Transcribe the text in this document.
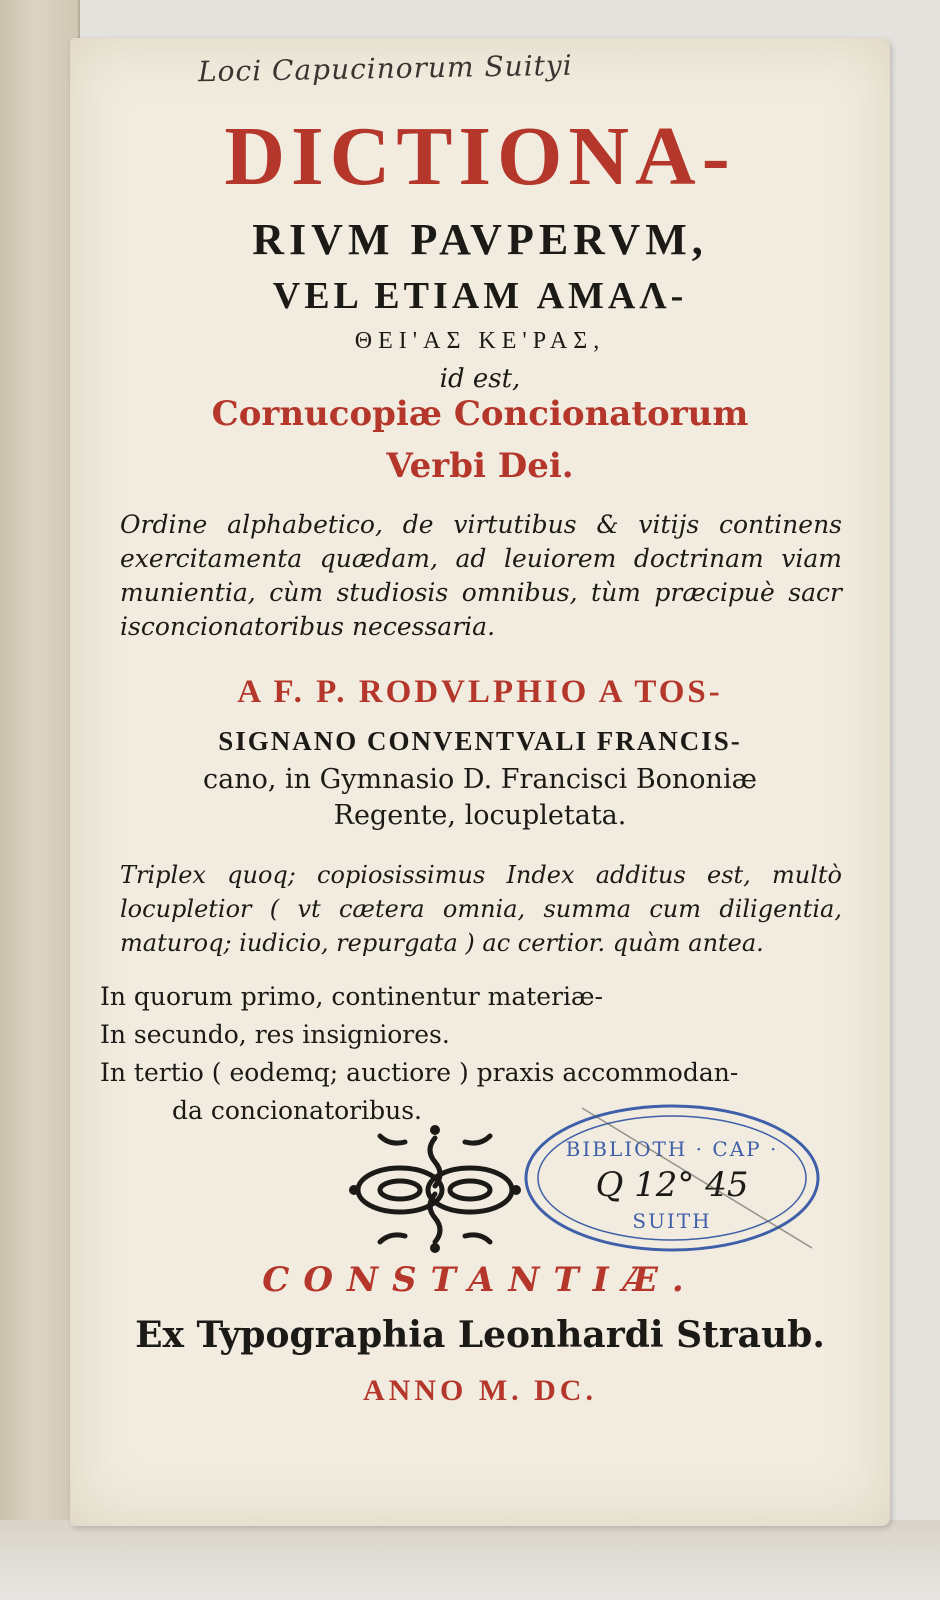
Loci Capucinorum Suityi
DICTIONA-
RIVM PAVPERVM,
VEL ETIAM ΑΜΑΛ-
ΘΕΙ'ΑΣ ΚΕ'ΡΑΣ,
id est,
Cornucopiæ Concionatorum
Verbi Dei.
Ordine alphabetico, de virtutibus & vitijs continens exercitamenta quædam, ad leuiorem doctrinam viam munientia, cùm studiosis omnibus, tùm præcipuè sacr isconcionatoribus necessaria.
A F. P. RODVLPHIO A TOS-
SIGNANO CONVENTVALI FRANCIS-
cano, in Gymnasio D. Francisci Bononiæ
Regente, locupletata.
Triplex quoq; copiosissimus Index additus est, multò locupletior ( vt cætera omnia, summa cum diligentia, maturoq; iudicio, repurgata ) ac certior. quàm antea.
In quorum primo, continentur materiæ-
In secundo, res insigniores.
In tertio ( eodemq; auctiore ) praxis accommodan-
da concionatoribus.
BIBLIOTH · CAP ·
Q 12° 45
SUITH
CONSTANTIÆ.
Ex Typographia Leonhardi Straub.
ANNO M. DC.
